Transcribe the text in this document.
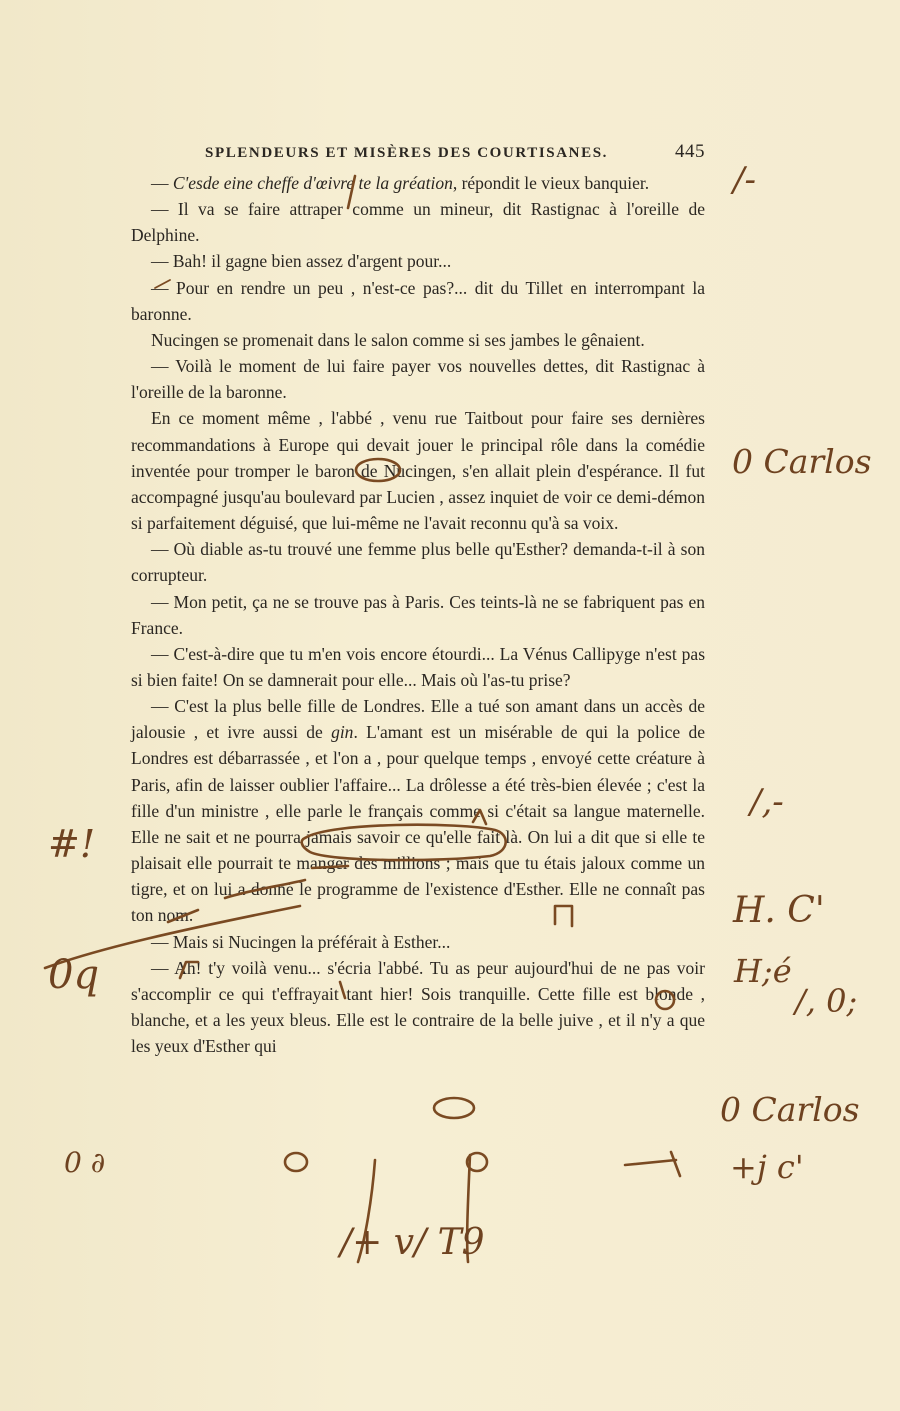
SPLENDEURS ET MISÈRES DES COURTISANES.	445

— C'esde eine cheffe d'œivre te la gréation, répondit le vieux banquier.

— Il va se faire attraper comme un mineur, dit Rastignac à l'oreille de Delphine.

— Bah! il gagne bien assez d'argent pour...

— Pour en rendre un peu , n'est-ce pas?... dit du Tillet en interrompant la baronne.

Nucingen se promenait dans le salon comme si ses jambes le gênaient.

— Voilà le moment de lui faire payer vos nouvelles dettes, dit Rastignac à l'oreille de la baronne.

En ce moment même , l'abbé , venu rue Taitbout pour faire ses dernières recommandations à Europe qui devait jouer le principal rôle dans la comédie inventée pour tromper le baron de Nucingen, s'en allait plein d'espérance. Il fut accompagné jusqu'au boulevard par Lucien , assez inquiet de voir ce demi-démon si parfaitement déguisé, que lui-même ne l'avait reconnu qu'à sa voix.

— Où diable as-tu trouvé une femme plus belle qu'Esther? demanda-t-il à son corrupteur.

— Mon petit, ça ne se trouve pas à Paris. Ces teints-là ne se fabriquent pas en France.

— C'est-à-dire que tu m'en vois encore étourdi... La Vénus Callipyge n'est pas si bien faite! On se damnerait pour elle... Mais où l'as-tu prise?

— C'est la plus belle fille de Londres. Elle a tué son amant dans un accès de jalousie , et ivre aussi de gin. L'amant est un misérable de qui la police de Londres est débarrassée , et l'on a , pour quelque temps , envoyé cette créature à Paris, afin de laisser oublier l'affaire... La drôlesse a été très-bien élevée ; c'est la fille d'un ministre , elle parle le français comme si c'était sa langue maternelle. Elle ne sait et ne pourra jamais savoir ce qu'elle fait là. On lui a dit que si elle te plaisait elle pourrait te manger des millions ; mais que tu étais jaloux comme un tigre, et on lui a donné le programme de l'existence d'Esther. Elle ne connaît pas ton nom.

— Mais si Nucingen la préférait à Esther...

— Ah! t'y voilà venu... s'écria l'abbé. Tu as peur aujourd'hui de ne pas voir s'accomplir ce qui t'effrayait tant hier! Sois tranquille. Cette fille est blonde , blanche, et a les yeux bleus. Elle est le contraire de la belle juive , et il n'y a que les yeux d'Esther qui

/-
0 Carlos
/,-
#!
H. C'
0q	H;é
/, 0;
0 Carlos
0 ∂	+j c'
/+ v/ T9
